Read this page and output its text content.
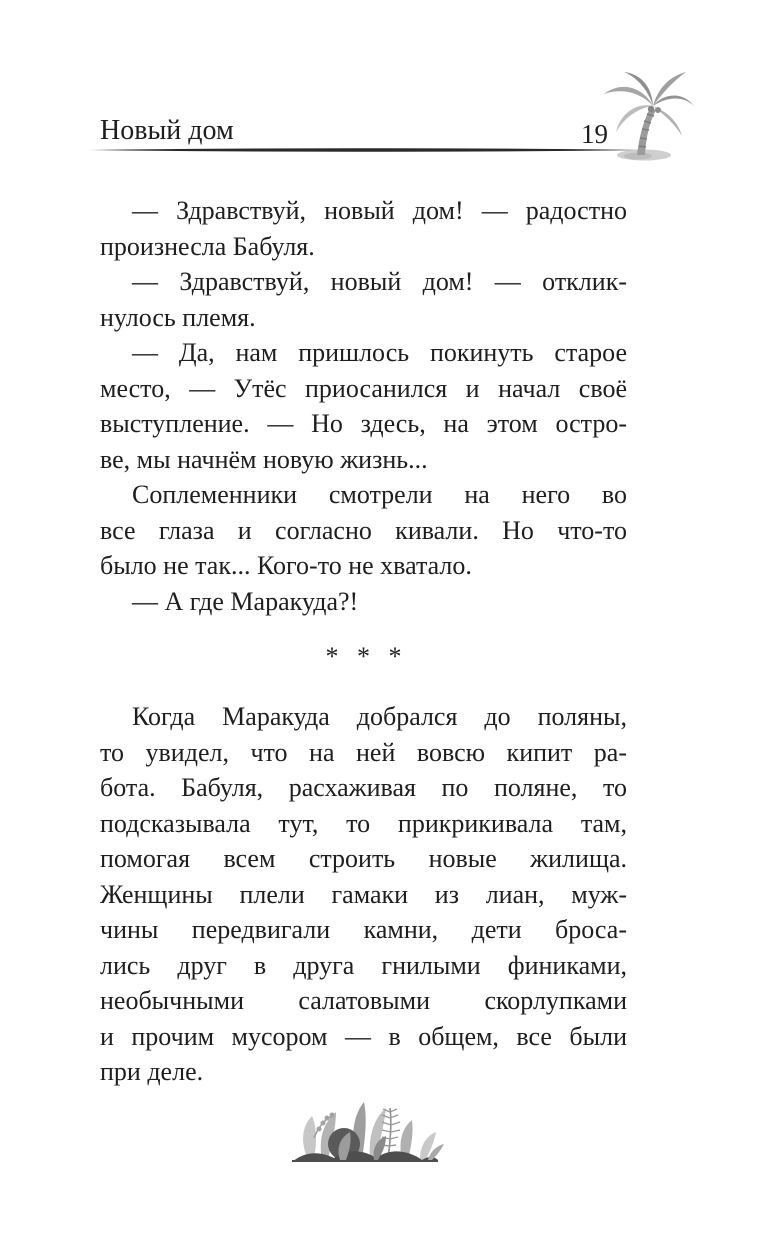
Новый дом	19
— Здравствуй, новый дом! — радостно
произнесла Бабуля.
— Здравствуй, новый дом! — отклик-
нулось племя.
— Да, нам пришлось покинуть старое
место, — Утёс приосанился и начал своё
выступление. — Но здесь, на этом остро-
ве, мы начнём новую жизнь...
Соплеменники смотрели на него во
все глаза и согласно кивали. Но что-то
было не так... Кого-то не хватало.
— А где Маракуда?!
* * *
Когда Маракуда добрался до поляны,
то увидел, что на ней вовсю кипит ра-
бота. Бабуля, расхаживая по поляне, то
подсказывала тут, то прикрикивала там,
помогая всем строить новые жилища.
Женщины плели гамаки из лиан, муж-
чины передвигали камни, дети броса-
лись друг в друга гнилыми финиками,
необычными салатовыми скорлупками
и прочим мусором — в общем, все были
при деле.
